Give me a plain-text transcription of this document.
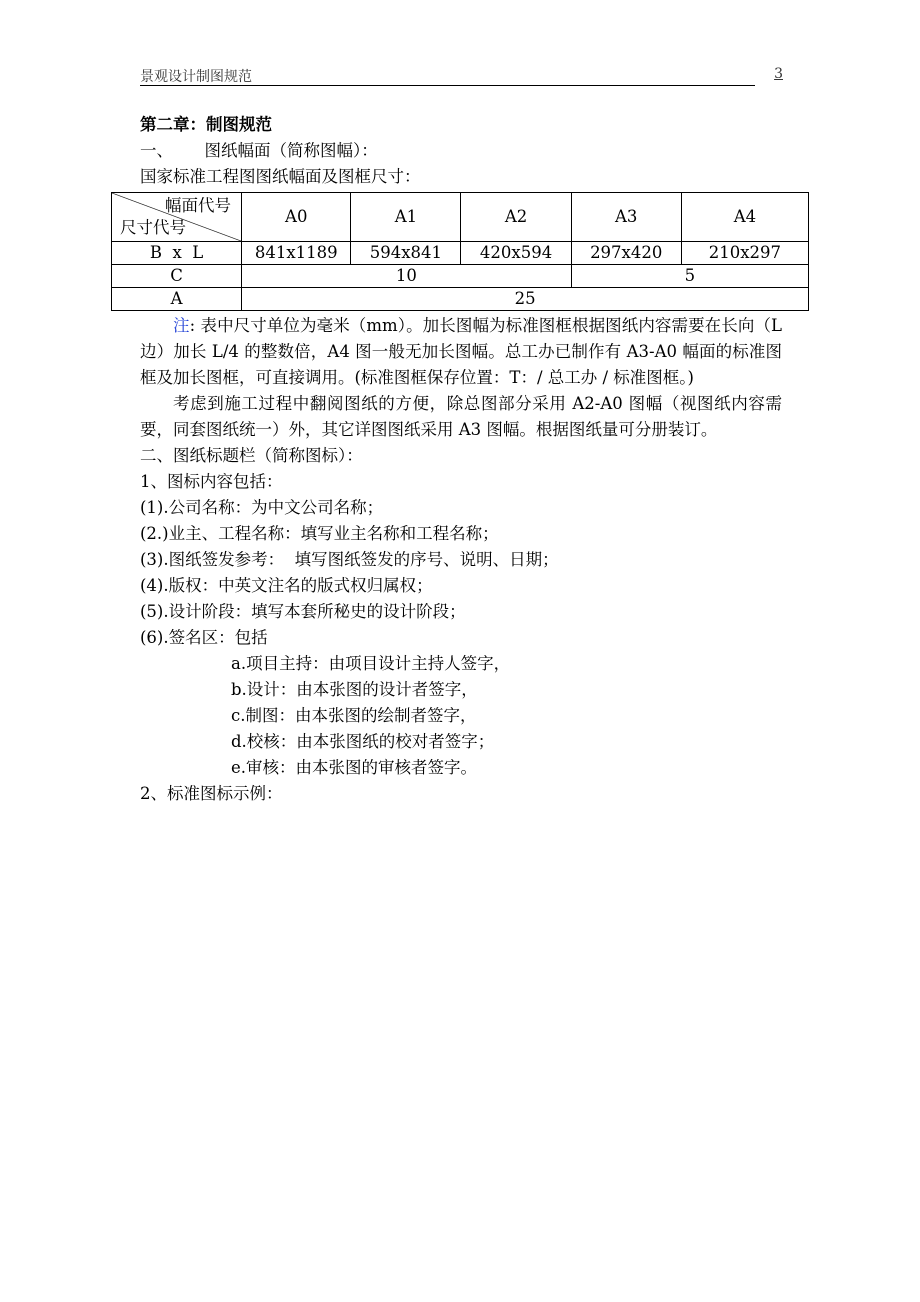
景观设计制图规范	3
第二章：制图规范
一、      图纸幅面（简称图幅）：
国家标准工程图图纸幅面及图框尺寸：
幅面代号
尺寸代号	A0	A1	A2	A3	A4
B  x  L	841x1189	594x841	420x594	297x420	210x297
C	10			5	
A	25				
注: 表中尺寸单位为毫米（mm）。加长图幅为标准图框根据图纸内容需要在长向（L 边）加长 L/4 的整数倍，A4 图一般无加长图幅。总工办已制作有 A3-A0 幅面的标准图框及加长图框，可直接调用。(标准图框保存位置：T：/ 总工办 / 标准图框。)
考虑到施工过程中翻阅图纸的方便，除总图部分采用 A2-A0 图幅（视图纸内容需要，同套图纸统一）外，其它详图图纸采用 A3 图幅。根据图纸量可分册装订。
二、图纸标题栏（简称图标）：
1、图标内容包括：
(1).公司名称：为中文公司名称；
(2.)业主、工程名称：填写业主名称和工程名称；
(3).图纸签发参考：  填写图纸签发的序号、说明、日期；
(4).版权：中英文注名的版式权归属权；
(5).设计阶段：填写本套所秘史的设计阶段；
(6).签名区：包括
a.项目主持：由项目设计主持人签字，
b.设计：由本张图的设计者签字，
c.制图：由本张图的绘制者签字，
d.校核：由本张图纸的校对者签字；
e.审核：由本张图的审核者签字。
2、标准图标示例：
